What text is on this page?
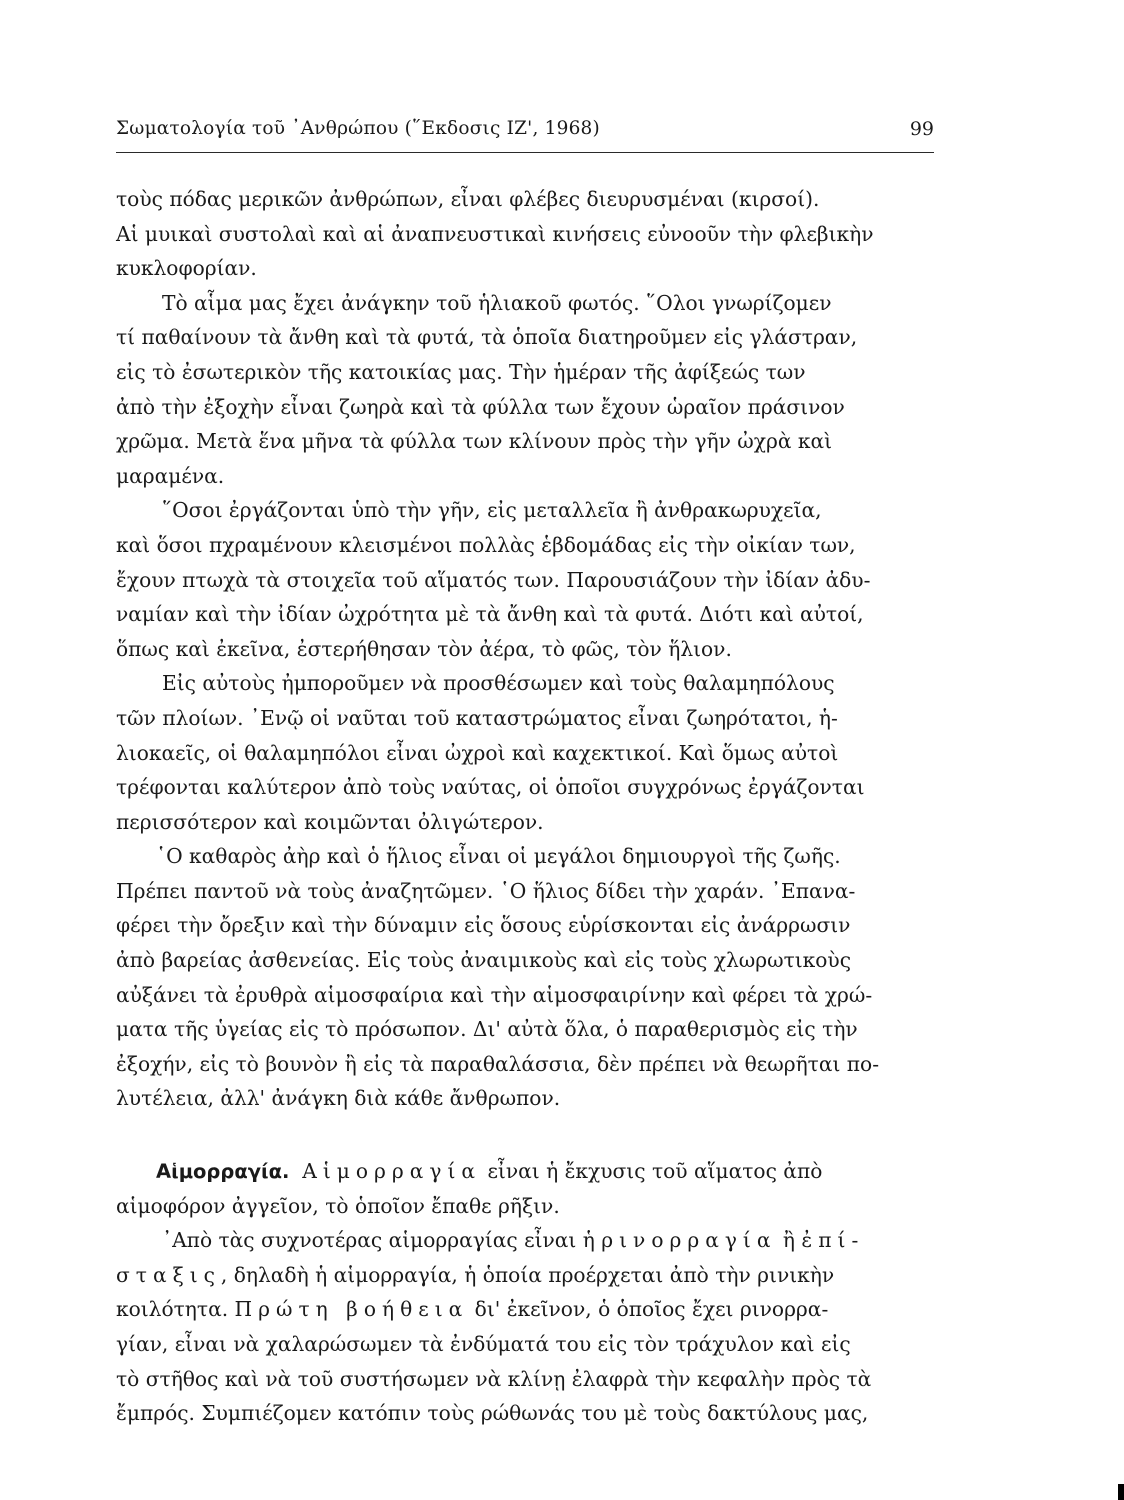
Σωματολογία τοῦ ᾽Ανθρώπου (῞Εκδοσις ΙΖ', 1968)	99
τοὺς πόδας μερικῶν ἀνθρώπων, εἶναι φλέβες διευρυσμέναι (κιρσοί).
Αἱ μυικαὶ συστολαὶ καὶ αἱ ἀναπνευστικαὶ κινήσεις εὐνοοῦν τὴν φλεβικὴν
κυκλοφορίαν.
Τὸ αἷμα μας ἔχει ἀνάγκην τοῦ ἡλιακοῦ φωτός. ῞Ολοι γνωρίζομεν
τί παθαίνουν τὰ ἄνθη καὶ τὰ φυτά, τὰ ὁποῖα διατηροῦμεν εἰς γλάστραν,
εἰς τὸ ἐσωτερικὸν τῆς κατοικίας μας. Τὴν ἡμέραν τῆς ἀφίξεώς των
ἀπὸ τὴν ἐξοχὴν εἶναι ζωηρὰ καὶ τὰ φύλλα των ἔχουν ὡραῖον πράσινον
χρῶμα. Μετὰ ἕνα μῆνα τὰ φύλλα των κλίνουν πρὸς τὴν γῆν ὠχρὰ καὶ
μαραμένα.
῞Οσοι ἐργάζονται ὑπὸ τὴν γῆν, εἰς μεταλλεῖα ἢ ἀνθρακωρυχεῖα,
καὶ ὅσοι πχραμένουν κλεισμένοι πολλὰς ἑβδομάδας εἰς τὴν οἰκίαν των,
ἔχουν πτωχὰ τὰ στοιχεῖα τοῦ αἵματός των. Παρουσιάζουν τὴν ἰδίαν ἀδυ-
ναμίαν καὶ τὴν ἰδίαν ὠχρότητα μὲ τὰ ἄνθη καὶ τὰ φυτά. Διότι καὶ αὐτοί,
ὅπως καὶ ἐκεῖνα, ἐστερήθησαν τὸν ἀέρα, τὸ φῶς, τὸν ἥλιον.
Εἰς αὐτοὺς ἠμποροῦμεν νὰ προσθέσωμεν καὶ τοὺς θαλαμηπόλους
τῶν πλοίων. ᾽Ενῷ οἱ ναῦται τοῦ καταστρώματος εἶναι ζωηρότατοι, ἡ-
λιοκαεῖς, οἱ θαλαμηπόλοι εἶναι ὠχροὶ καὶ καχεκτικοί. Καὶ ὅμως αὐτοὶ
τρέφονται καλύτερον ἀπὸ τοὺς ναύτας, οἱ ὁποῖοι συγχρόνως ἐργάζονται
περισσότερον καὶ κοιμῶνται ὀλιγώτερον.
῾Ο καθαρὸς ἀὴρ καὶ ὁ ἥλιος εἶναι οἱ μεγάλοι δημιουργοὶ τῆς ζωῆς.
Πρέπει παντοῦ νὰ τοὺς ἀναζητῶμεν. ῾Ο ἥλιος δίδει τὴν χαράν. ᾽Επανα-
φέρει τὴν ὄρεξιν καὶ τὴν δύναμιν εἰς ὅσους εὑρίσκονται εἰς ἀνάρρωσιν
ἀπὸ βαρείας ἀσθενείας. Εἰς τοὺς ἀναιμικοὺς καὶ εἰς τοὺς χλωρωτικοὺς
αὐξάνει τὰ ἐρυθρὰ αἱμοσφαίρια καὶ τὴν αἱμοσφαιρίνην καὶ φέρει τὰ χρώ-
ματα τῆς ὑγείας εἰς τὸ πρόσωπον. Δι' αὐτὰ ὅλα, ὁ παραθερισμὸς εἰς τὴν
ἐξοχήν, εἰς τὸ βουνὸν ἢ εἰς τὰ παραθαλάσσια, δὲν πρέπει νὰ θεωρῆται πο-
λυτέλεια, ἀλλ' ἀνάγκη διὰ κάθε ἄνθρωπον.
Αἱμορραγία. Αἱμορραγία εἶναι ἡ ἔκχυσις τοῦ αἵματος ἀπὸ
αἱμοφόρον ἀγγεῖον, τὸ ὁποῖον ἔπαθε ρῆξιν.
᾽Απὸ τὰς συχνοτέρας αἱμορραγίας εἶναι ἡ ρινορραγία ἢ ἐπί-
σταξις, δηλαδὴ ἡ αἱμορραγία, ἡ ὁποία προέρχεται ἀπὸ τὴν ρινικὴν
κοιλότητα. Πρώτη βοήθεια δι' ἐκεῖνον, ὁ ὁποῖος ἔχει ρινορρα-
γίαν, εἶναι νὰ χαλαρώσωμεν τὰ ἐνδύματά του εἰς τὸν τράχυλον καὶ εἰς
τὸ στῆθος καὶ νὰ τοῦ συστήσωμεν νὰ κλίνῃ ἐλαφρὰ τὴν κεφαλὴν πρὸς τὰ
ἔμπρός. Συμπιέζομεν κατόπιν τοὺς ρώθωνάς του μὲ τοὺς δακτύλους μας,
